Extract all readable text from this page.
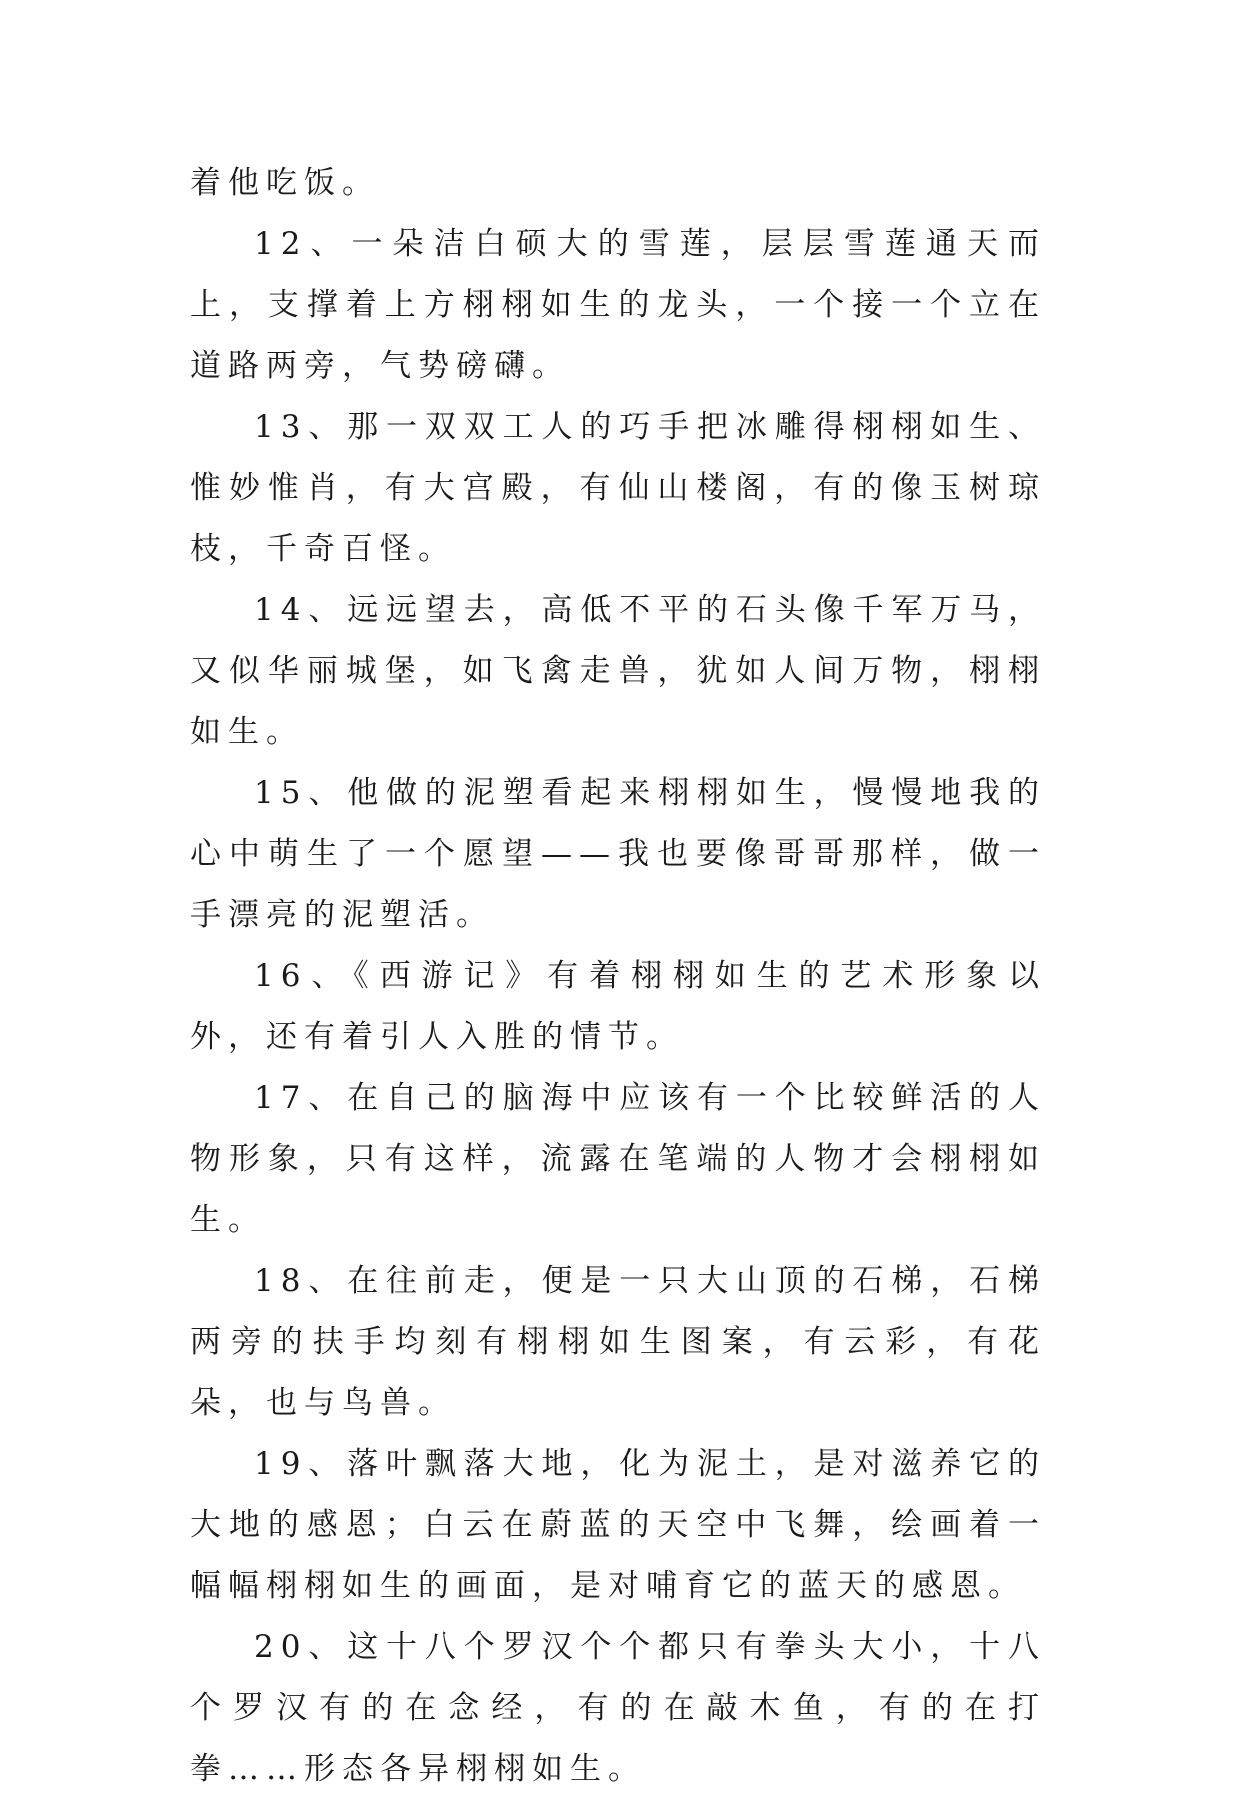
着他吃饭。

12、一朵洁白硕大的雪莲，层层雪莲通天而上，支撑着上方栩栩如生的龙头，一个接一个立在道路两旁，气势磅礴。

13、那一双双工人的巧手把冰雕得栩栩如生、惟妙惟肖，有大宫殿，有仙山楼阁，有的像玉树琼枝，千奇百怪。

14、远远望去，高低不平的石头像千军万马，又似华丽城堡，如飞禽走兽，犹如人间万物，栩栩如生。

15、他做的泥塑看起来栩栩如生，慢慢地我的心中萌生了一个愿望——我也要像哥哥那样，做一手漂亮的泥塑活。

16、《西游记》有着栩栩如生的艺术形象以外，还有着引人入胜的情节。

17、在自己的脑海中应该有一个比较鲜活的人物形象，只有这样，流露在笔端的人物才会栩栩如生。

18、在往前走，便是一只大山顶的石梯，石梯两旁的扶手均刻有栩栩如生图案，有云彩，有花朵，也与鸟兽。

19、落叶飘落大地，化为泥土，是对滋养它的大地的感恩；白云在蔚蓝的天空中飞舞，绘画着一幅幅栩栩如生的画面，是对哺育它的蓝天的感恩。

20、这十八个罗汉个个都只有拳头大小，十八个罗汉有的在念经，有的在敲木鱼，有的在打拳……形态各异栩栩如生。
